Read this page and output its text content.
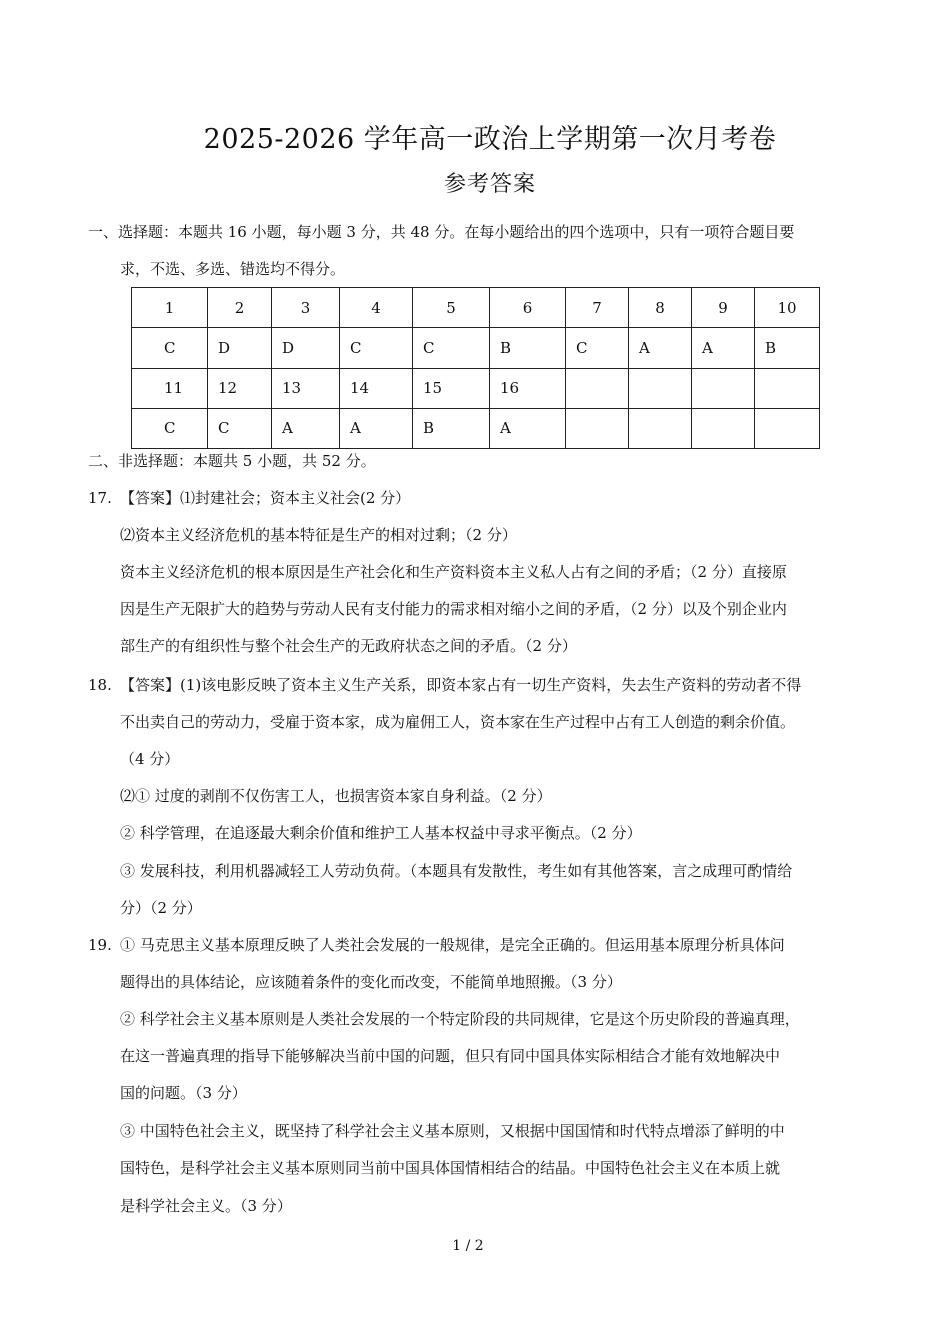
2025-2026 学年高一政治上学期第一次月考卷
参考答案
一、选择题：本题共 16 小题，每小题 3 分，共 48 分。在每小题给出的四个选项中，只有一项符合题目要
求，不选、多选、错选均不得分。
1	2	3	4	5	6	7	8	9	10
C	D	D	C	C	B	C	A	A	B
11	12	13	14	15	16				
C	C	A	A	B	A				
二、非选择题：本题共 5 小题，共 52 分。
17. 【答案】⑴封建社会；资本主义社会(2 分）
⑵资本主义经济危机的基本特征是生产的相对过剩；（2 分）
资本主义经济危机的根本原因是生产社会化和生产资料资本主义私人占有之间的矛盾；（2 分）直接原
因是生产无限扩大的趋势与劳动人民有支付能力的需求相对缩小之间的矛盾，（2 分）以及个别企业内
部生产的有组织性与整个社会生产的无政府状态之间的矛盾。（2 分）
18. 【答案】(1)该电影反映了资本主义生产关系，即资本家占有一切生产资料，失去生产资料的劳动者不得
不出卖自己的劳动力，受雇于资本家，成为雇佣工人，资本家在生产过程中占有工人创造的剩余价值。
（4 分）
⑵① 过度的剥削不仅伤害工人，也损害资本家自身利益。（2 分）
② 科学管理，在追逐最大剩余价值和维护工人基本权益中寻求平衡点。（2 分）
③ 发展科技，利用机器减轻工人劳动负荷。（本题具有发散性，考生如有其他答案，言之成理可酌情给
分）（2 分）
19. ① 马克思主义基本原理反映了人类社会发展的一般规律，是完全正确的。但运用基本原理分析具体问
题得出的具体结论，应该随着条件的变化而改变，不能简单地照搬。（3 分）
② 科学社会主义基本原则是人类社会发展的一个特定阶段的共同规律，它是这个历史阶段的普遍真理，
在这一普遍真理的指导下能够解决当前中国的问题，但只有同中国具体实际相结合才能有效地解决中
国的问题。（3 分）
③ 中国特色社会主义，既坚持了科学社会主义基本原则，又根据中国国情和时代特点增添了鲜明的中
国特色，是科学社会主义基本原则同当前中国具体国情相结合的结晶。中国特色社会主义在本质上就
是科学社会主义。（3 分）
1 / 2
